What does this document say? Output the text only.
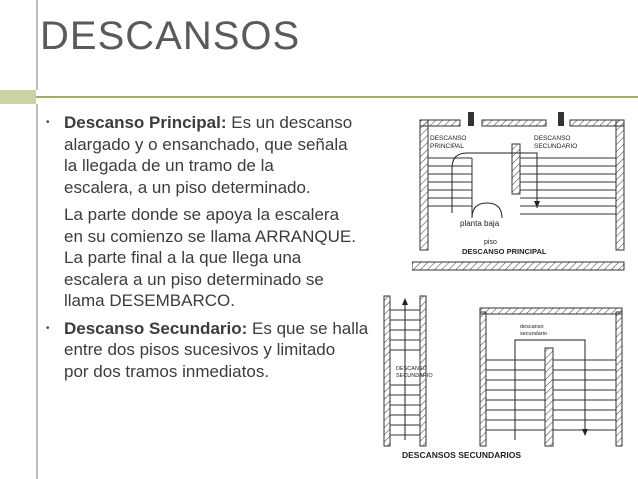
DESCANSOS
• Descanso Principal: Es un descanso
alargado y o ensanchado, que señala
la llegada de un tramo de la
escalera, a un piso determinado.
La parte donde se apoya la escalera
en su comienzo se llama ARRANQUE.
La parte final a la que llega una
escalera a un piso determinado se
llama DESEMBARCO.
• Descanso Secundario: Es que se halla
entre dos pisos sucesivos y limitado
por dos tramos inmediatos.
DESCANSO
PRINCIPAL
DESCANSO
SECUNDARIO
planta baja
piso
DESCANSO PRINCIPAL
DESCANSO
SECUNDARIO
descanso
secundario
DESCANSOS SECUNDARIOS
